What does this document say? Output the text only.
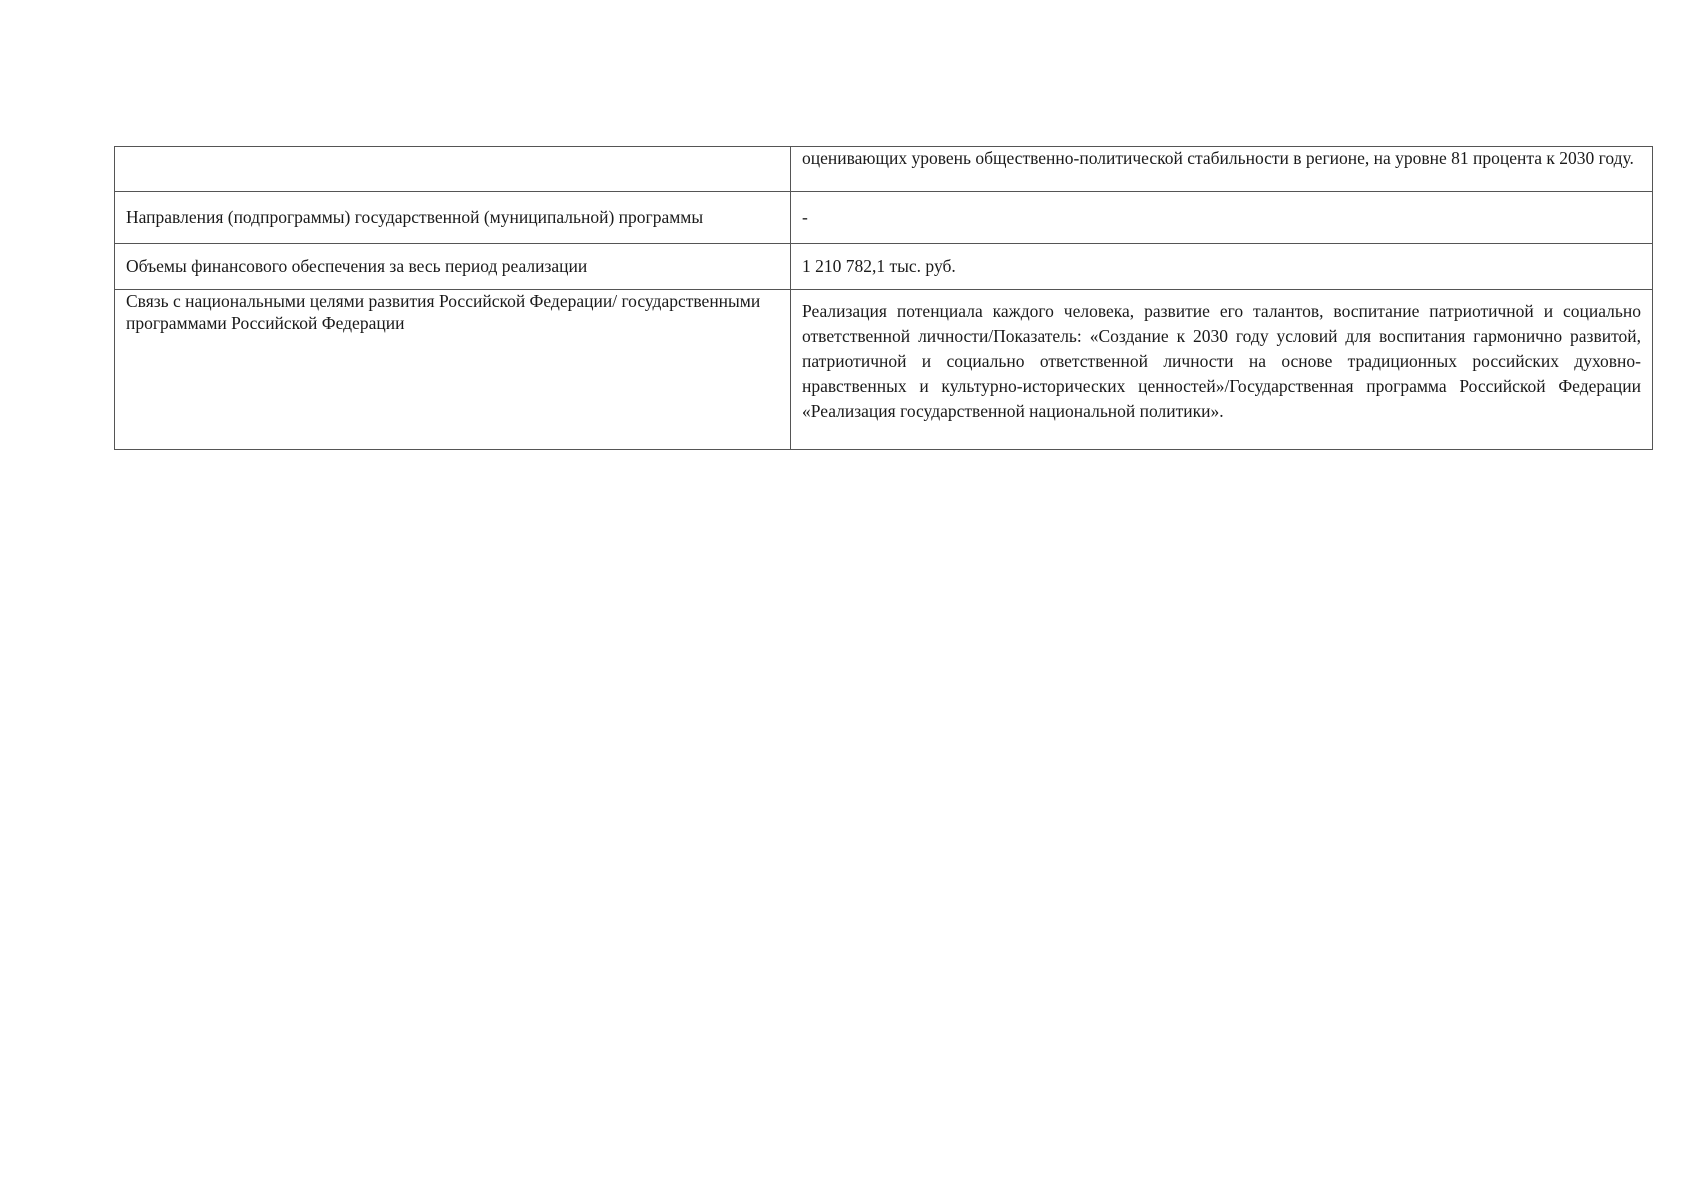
	оценивающих уровень общественно-политической стабильности в регионе, на уровне 81 процента к 2030 году.
Направления (подпрограммы) государственной (муниципальной) программы	-
Объемы финансового обеспечения за весь период реализации	1 210 782,1 тыс. руб.
Связь с национальными целями развития Российской Федерации/ государственными программами Российской Федерации	Реализация потенциала каждого человека, развитие его талантов, воспитание патриотичной и социально ответственной личности/Показатель: «Создание к 2030 году условий для воспитания гармонично развитой, патриотичной и социально ответственной личности на основе традиционных российских духовно-нравственных и культурно-исторических ценностей»/Государственная программа Российской Федерации «Реализация государственной национальной политики».
